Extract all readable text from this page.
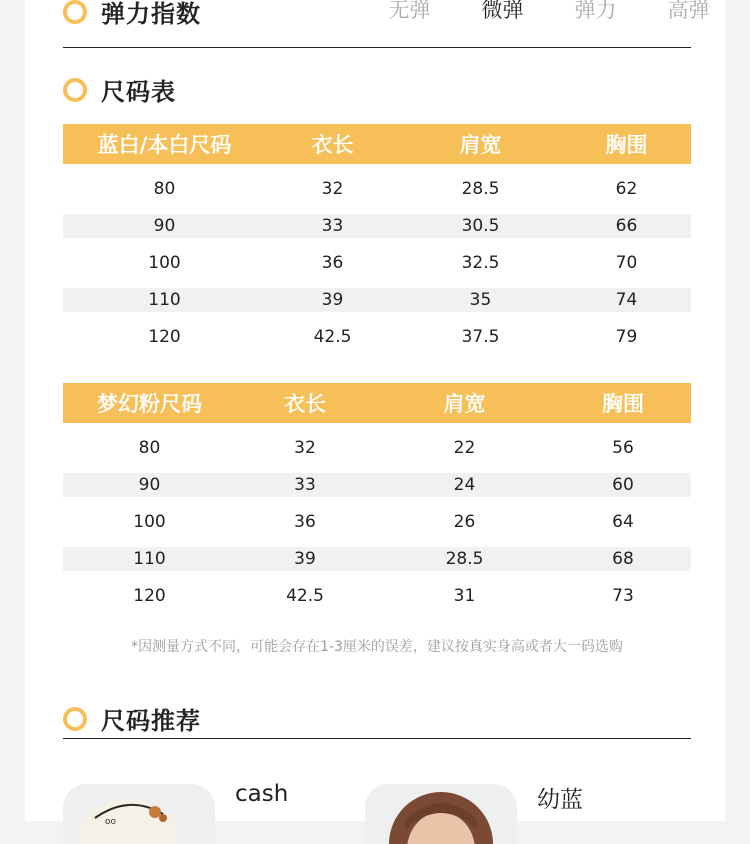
弹力指数	无弹	微弹	弹力	高弹
尺码表
蓝白/本白尺码	衣长	肩宽	胸围

80	32	28.5	62

90	33	30.5	66

100	36	32.5	70

110	39	35	74

120	42.5	37.5	79
梦幻粉尺码	衣长	肩宽	胸围

80	32	22	56

90	33	24	60

100	36	26	64

110	39	28.5	68

120	42.5	31	73
*因测量方式不同，可能会存在1-3厘米的误差，建议按真实身高或者大一码选购
尺码推荐
oo
cash	幼蓝
